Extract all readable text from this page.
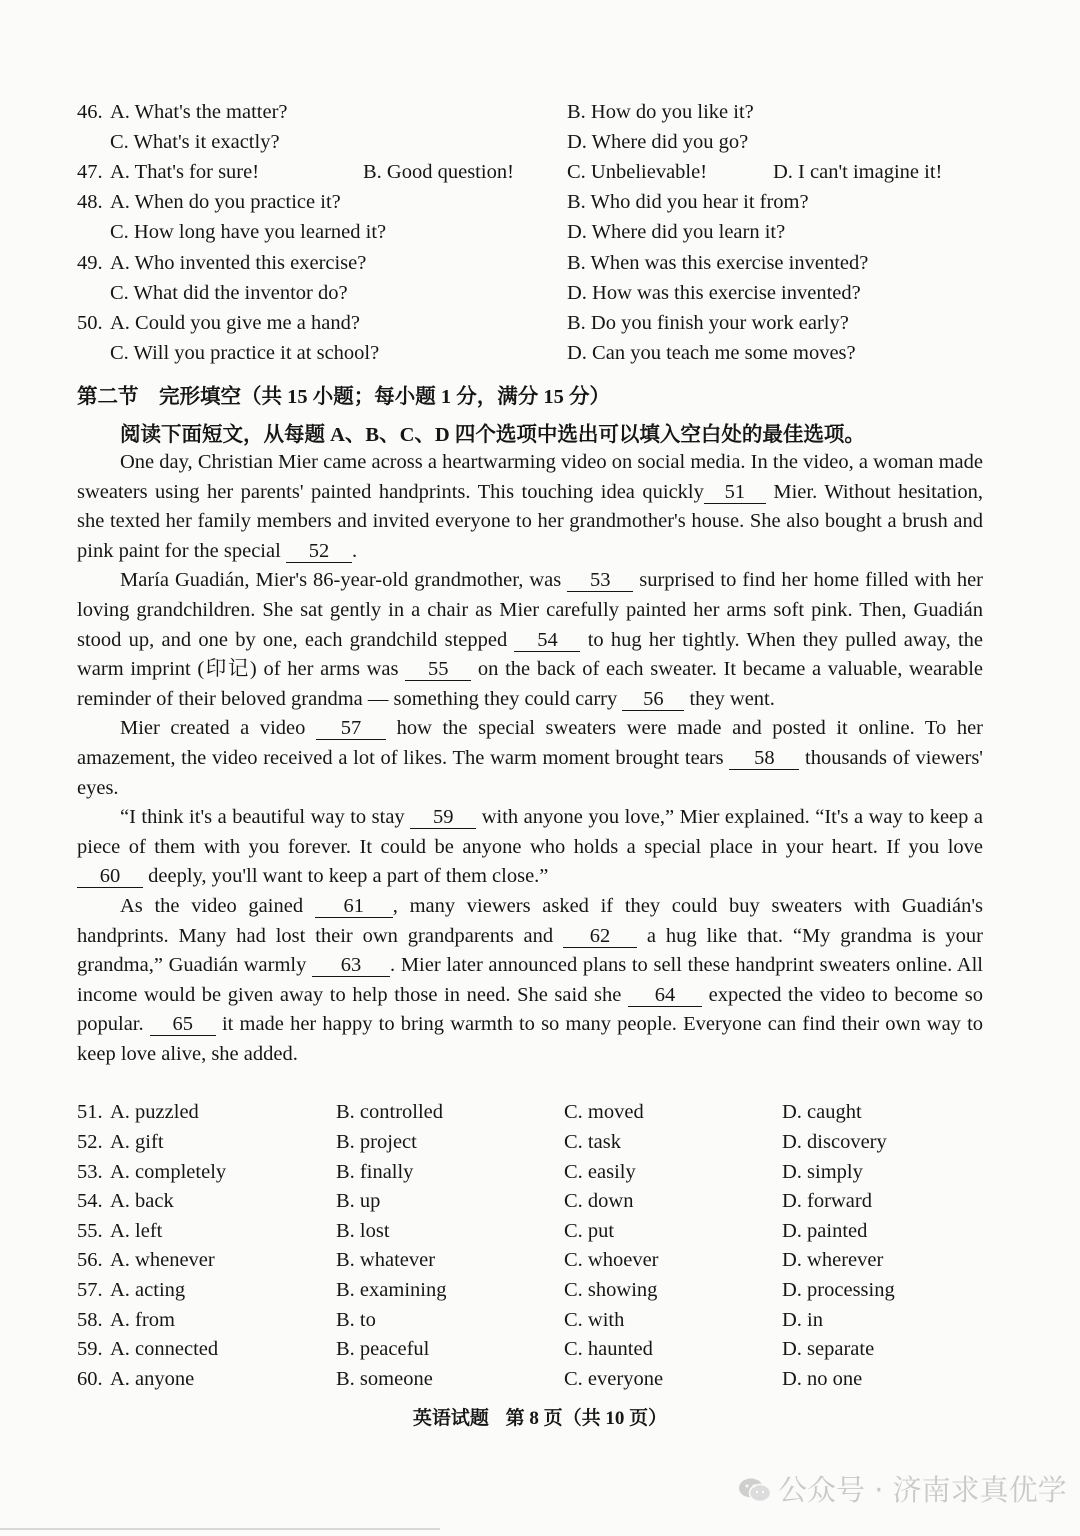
46. A. What's the matter?	B. How do you like it?
C. What's it exactly?	D. Where did you go?
47. A. That's for sure!	B. Good question!	C. Unbelievable!	D. I can't imagine it!
48. A. When do you practice it?	B. Who did you hear it from?
C. How long have you learned it?	D. Where did you learn it?
49. A. Who invented this exercise?	B. When was this exercise invented?
C. What did the inventor do?	D. How was this exercise invented?
50. A. Could you give me a hand?	B. Do you finish your work early?
C. Will you practice it at school?	D. Can you teach me some moves?
第二节　完形填空（共 15 小题；每小题 1 分，满分 15 分）
阅读下面短文，从每题 A、B、C、D 四个选项中选出可以填入空白处的最佳选项。

One day, Christian Mier came across a heartwarming video on social media. In the video, a woman made sweaters using her parents' painted handprints. This touching idea quickly 51 Mier. Without hesitation, she texted her family members and invited everyone to her grandmother's house. She also bought a brush and pink paint for the special 52 .

María Guadián, Mier's 86-year-old grandmother, was 53 surprised to find her home filled with her loving grandchildren. She sat gently in a chair as Mier carefully painted her arms soft pink. Then, Guadián stood up, and one by one, each grandchild stepped 54 to hug her tightly. When they pulled away, the warm imprint (印记) of her arms was 55 on the back of each sweater. It became a valuable, wearable reminder of their beloved grandma — something they could carry 56 they went.

Mier created a video 57 how the special sweaters were made and posted it online. To her amazement, the video received a lot of likes. The warm moment brought tears 58 thousands of viewers' eyes.

“I think it's a beautiful way to stay 59 with anyone you love,” Mier explained. “It's a way to keep a piece of them with you forever. It could be anyone who holds a special place in your heart. If you love 60 deeply, you'll want to keep a part of them close.”

As the video gained 61 , many viewers asked if they could buy sweaters with Guadián's handprints. Many had lost their own grandparents and 62 a hug like that. “My grandma is your grandma,” Guadián warmly 63 . Mier later announced plans to sell these handprint sweaters online. All income would be given away to help those in need. She said she 64 expected the video to become so popular. 65 it made her happy to bring warmth to so many people. Everyone can find their own way to keep love alive, she added.

51. A. puzzled	B. controlled	C. moved	D. caught
52. A. gift	B. project	C. task	D. discovery
53. A. completely	B. finally	C. easily	D. simply
54. A. back	B. up	C. down	D. forward
55. A. left	B. lost	C. put	D. painted
56. A. whenever	B. whatever	C. whoever	D. wherever
57. A. acting	B. examining	C. showing	D. processing
58. A. from	B. to	C. with	D. in
59. A. connected	B. peaceful	C. haunted	D. separate
60. A. anyone	B. someone	C. everyone	D. no one
英语试题 第 8 页（共 10 页）
公众号 · 济南求真优学
